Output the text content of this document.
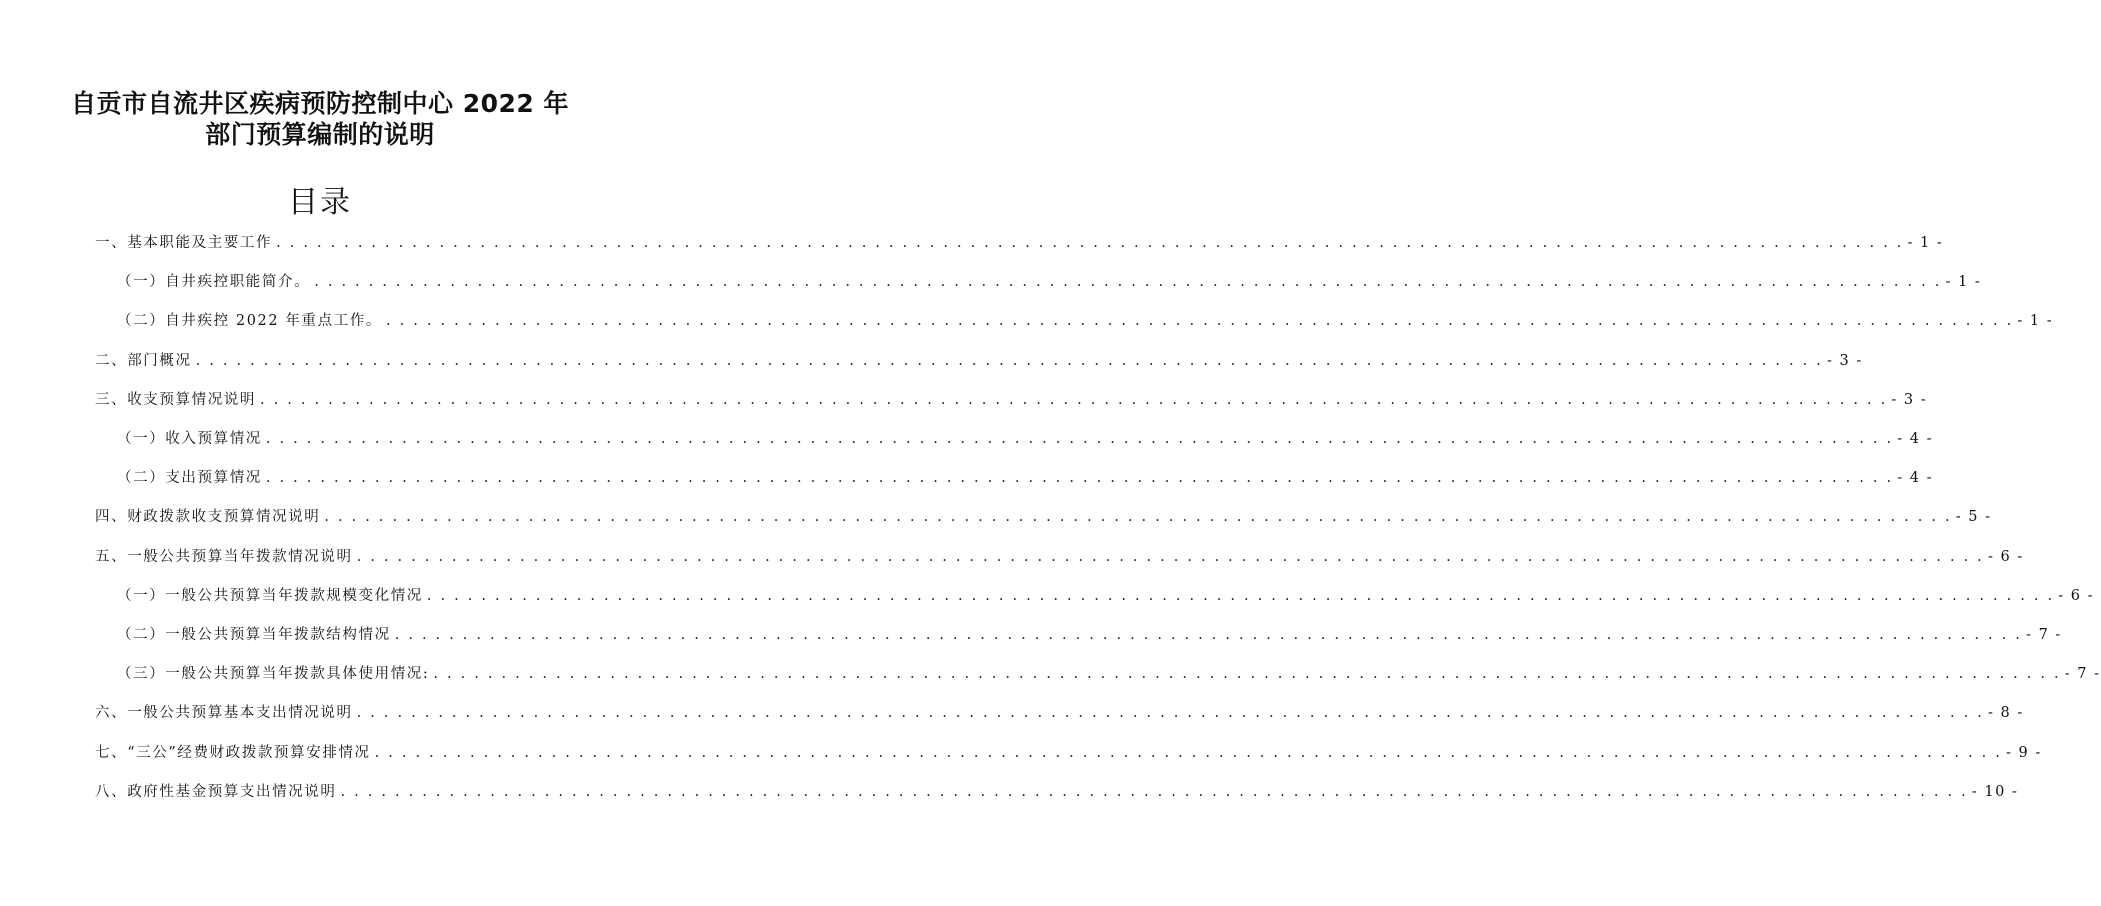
自贡市自流井区疾病预防控制中心 2022 年
部门预算编制的说明
目录
一、基本职能及主要工作 . . . . . . . . . . . . . . . . . . . . . . . . . . . . . . . . . . . . . . . . . . . . . . . . . . . . . . . . . . . . . . . . . . . . . . . . . . . . . . . . . . . . . . . . . . . . . . . . . . . . . . . . . . . . . . . . . . . . . . . . - 1 -
（一）自井疾控职能简介。 . . . . . . . . . . . . . . . . . . . . . . . . . . . . . . . . . . . . . . . . . . . . . . . . . . . . . . . . . . . . . . . . . . . . . . . . . . . . . . . . . . . . . . . . . . . . . . . . . . . . . . . . . . . . . . . . . . . . . . . . - 1 -
（二）自井疾控 2022 年重点工作。 . . . . . . . . . . . . . . . . . . . . . . . . . . . . . . . . . . . . . . . . . . . . . . . . . . . . . . . . . . . . . . . . . . . . . . . . . . . . . . . . . . . . . . . . . . . . . . . . . . . . . . . . . . . . . . . . . . . . . . . . - 1 -
二、部门概况 . . . . . . . . . . . . . . . . . . . . . . . . . . . . . . . . . . . . . . . . . . . . . . . . . . . . . . . . . . . . . . . . . . . . . . . . . . . . . . . . . . . . . . . . . . . . . . . . . . . . . . . . . . . . . . . . . . . . . . . . - 3 -
三、收支预算情况说明 . . . . . . . . . . . . . . . . . . . . . . . . . . . . . . . . . . . . . . . . . . . . . . . . . . . . . . . . . . . . . . . . . . . . . . . . . . . . . . . . . . . . . . . . . . . . . . . . . . . . . . . . . . . . . . . . . . . . . . . . - 3 -
（一）收入预算情况 . . . . . . . . . . . . . . . . . . . . . . . . . . . . . . . . . . . . . . . . . . . . . . . . . . . . . . . . . . . . . . . . . . . . . . . . . . . . . . . . . . . . . . . . . . . . . . . . . . . . . . . . . . . . . . . . . . . . . . . . - 4 -
（二）支出预算情况 . . . . . . . . . . . . . . . . . . . . . . . . . . . . . . . . . . . . . . . . . . . . . . . . . . . . . . . . . . . . . . . . . . . . . . . . . . . . . . . . . . . . . . . . . . . . . . . . . . . . . . . . . . . . . . . . . . . . . . . . - 4 -
四、财政拨款收支预算情况说明 . . . . . . . . . . . . . . . . . . . . . . . . . . . . . . . . . . . . . . . . . . . . . . . . . . . . . . . . . . . . . . . . . . . . . . . . . . . . . . . . . . . . . . . . . . . . . . . . . . . . . . . . . . . . . . . . . . . . . . . . - 5 -
五、一般公共预算当年拨款情况说明 . . . . . . . . . . . . . . . . . . . . . . . . . . . . . . . . . . . . . . . . . . . . . . . . . . . . . . . . . . . . . . . . . . . . . . . . . . . . . . . . . . . . . . . . . . . . . . . . . . . . . . . . . . . . . . . . . . . . . . . . - 6 -
（一）一般公共预算当年拨款规模变化情况 . . . . . . . . . . . . . . . . . . . . . . . . . . . . . . . . . . . . . . . . . . . . . . . . . . . . . . . . . . . . . . . . . . . . . . . . . . . . . . . . . . . . . . . . . . . . . . . . . . . . . . . . . . . . . . . . . . . . . . . . - 6 -
（二）一般公共预算当年拨款结构情况 . . . . . . . . . . . . . . . . . . . . . . . . . . . . . . . . . . . . . . . . . . . . . . . . . . . . . . . . . . . . . . . . . . . . . . . . . . . . . . . . . . . . . . . . . . . . . . . . . . . . . . . . . . . . . . . . . . . . . . . . - 7 -
（三）一般公共预算当年拨款具体使用情况: . . . . . . . . . . . . . . . . . . . . . . . . . . . . . . . . . . . . . . . . . . . . . . . . . . . . . . . . . . . . . . . . . . . . . . . . . . . . . . . . . . . . . . . . . . . . . . . . . . . . . . . . . . . . . . . . . . . . . . . . - 7 -
六、一般公共预算基本支出情况说明 . . . . . . . . . . . . . . . . . . . . . . . . . . . . . . . . . . . . . . . . . . . . . . . . . . . . . . . . . . . . . . . . . . . . . . . . . . . . . . . . . . . . . . . . . . . . . . . . . . . . . . . . . . . . . . . . . . . . . . . . - 8 -
七、“三公”经费财政拨款预算安排情况 . . . . . . . . . . . . . . . . . . . . . . . . . . . . . . . . . . . . . . . . . . . . . . . . . . . . . . . . . . . . . . . . . . . . . . . . . . . . . . . . . . . . . . . . . . . . . . . . . . . . . . . . . . . . . . . . . . . . . . . . - 9 -
八、政府性基金预算支出情况说明 . . . . . . . . . . . . . . . . . . . . . . . . . . . . . . . . . . . . . . . . . . . . . . . . . . . . . . . . . . . . . . . . . . . . . . . . . . . . . . . . . . . . . . . . . . . . . . . . . . . . . . . . . . . . . . . . . . . . . . . . - 10 -
